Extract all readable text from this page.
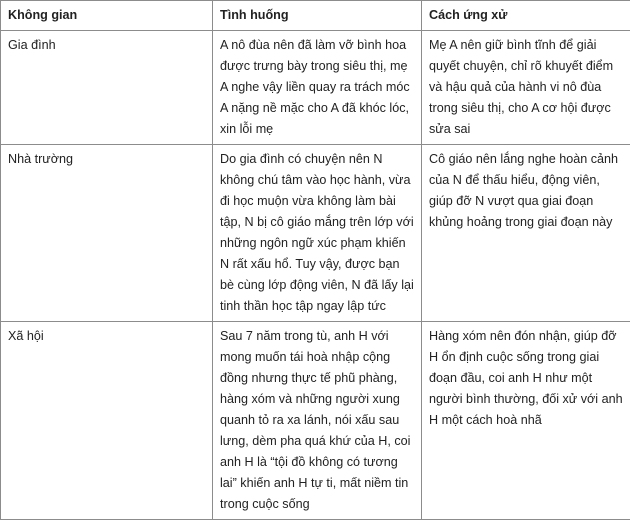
Không gian	Tình huống	Cách ứng xử
Gia đình	A nô đùa nên đã làm vỡ bình hoa được trưng bày trong siêu thị, mẹ A nghe vậy liền quay ra trách móc A nặng nề mặc cho A đã khóc lóc, xin lỗi mẹ	Mẹ A nên giữ bình tĩnh để giải quyết chuyện, chỉ rõ khuyết điểm và hậu quả của hành vi nô đùa trong siêu thị, cho A cơ hội được sửa sai
Nhà trường	Do gia đình có chuyện nên N không chú tâm vào học hành, vừa đi học muộn vừa không làm bài tập, N bị cô giáo mắng trên lớp với những ngôn ngữ xúc phạm khiến N rất xấu hổ. Tuy vậy, được bạn bè cùng lớp động viên, N đã lấy lại tinh thần học tập ngay lập tức	Cô giáo nên lắng nghe hoàn cảnh của N để thấu hiểu, động viên, giúp đỡ N vượt qua giai đoạn khủng hoảng trong giai đoạn này
Xã hội	Sau 7 năm trong tù, anh H với mong muốn tái hoà nhập cộng đồng nhưng thực tế phũ phàng, hàng xóm và những người xung quanh tỏ ra xa lánh, nói xấu sau lưng, dèm pha quá khứ của H, coi anh H là “tội đồ không có tương lai” khiến anh H tự ti, mất niềm tin trong cuộc sống	Hàng xóm nên đón nhận, giúp đỡ H ổn định cuộc sống trong giai đoạn đầu, coi anh H như một người bình thường, đối xử với anh H một cách hoà nhã
